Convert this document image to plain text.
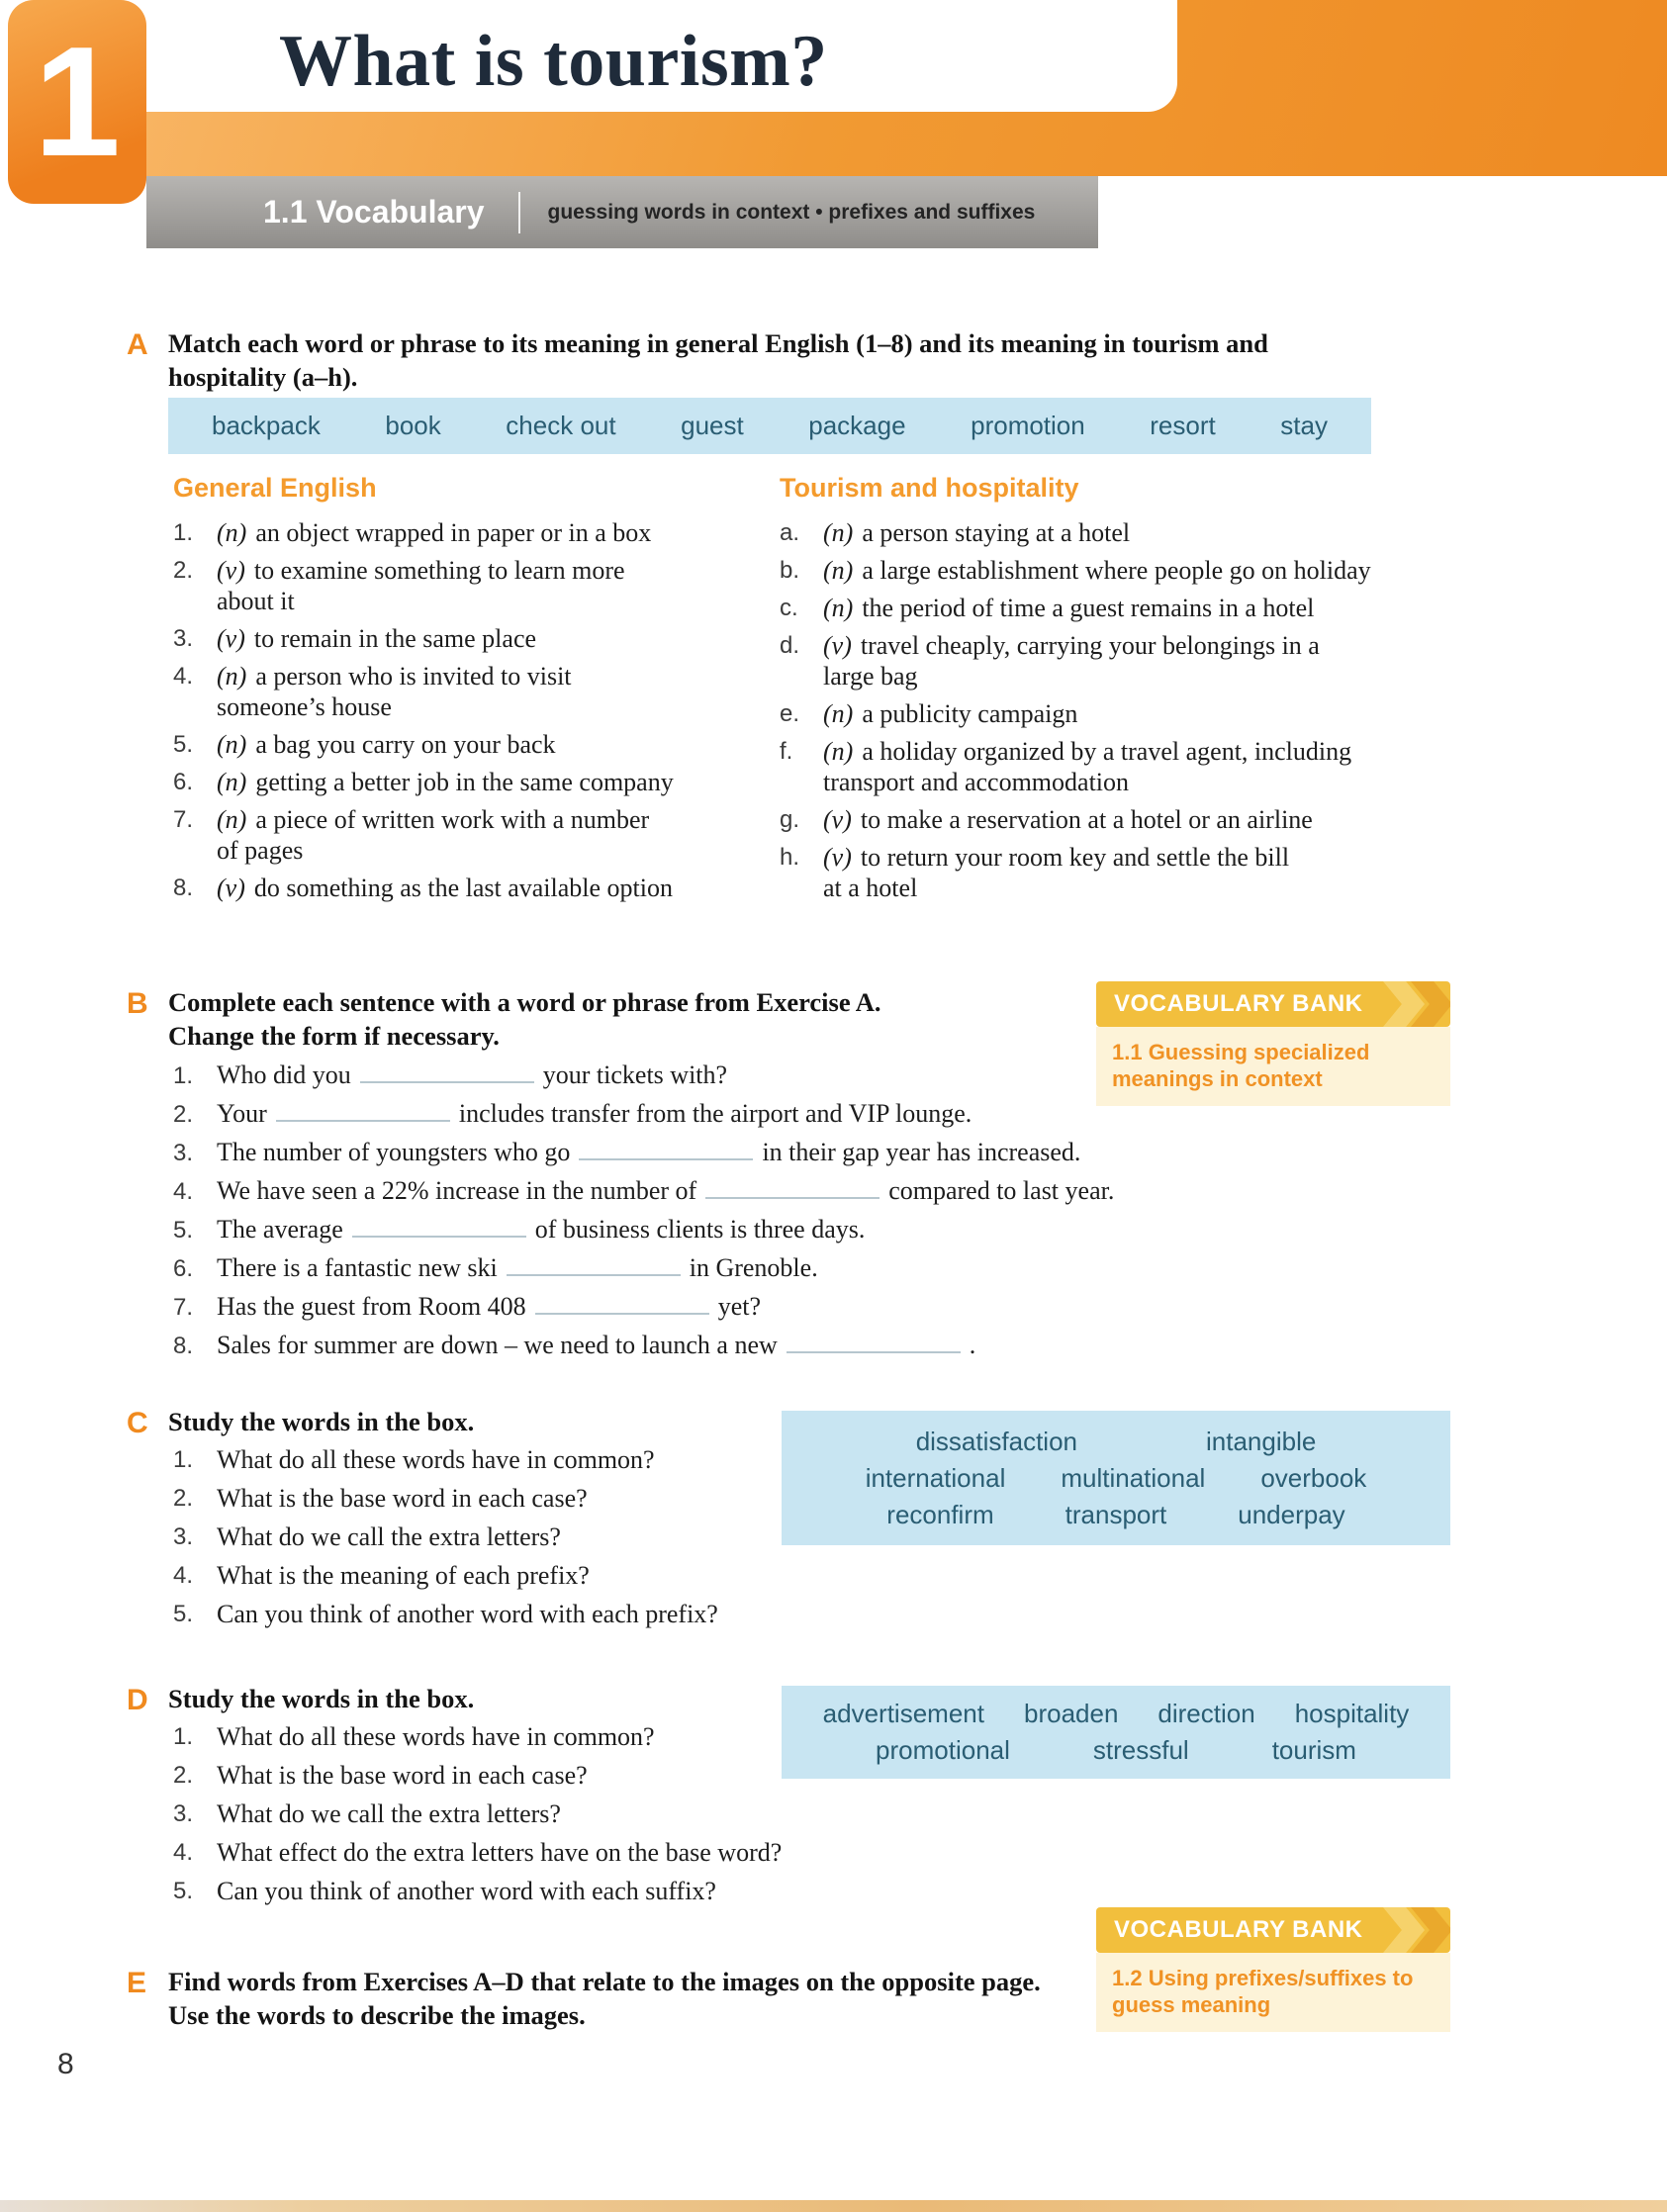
What is tourism?
1
1.1 Vocabulary	guessing words in context • prefixes and suffixes
A Match each word or phrase to its meaning in general English (1–8) and its meaning in tourism and
hospitality (a–h).
backpack	book	check out	guest	package	promotion	resort	stay
General English
1. (n) an object wrapped in paper or in a box
2. (v) to examine something to learn more
about it
3. (v) to remain in the same place
4. (n) a person who is invited to visit
someone’s house
5. (n) a bag you carry on your back
6. (n) getting a better job in the same company
7. (n) a piece of written work with a number
of pages
8. (v) do something as the last available option
Tourism and hospitality
a. (n) a person staying at a hotel
b. (n) a large establishment where people go on holiday
c. (n) the period of time a guest remains in a hotel
d. (v) travel cheaply, carrying your belongings in a
large bag
e. (n) a publicity campaign
f.	(n) a holiday organized by a travel agent, including
transport and accommodation
g. (v) to make a reservation at a hotel or an airline
h. (v) to return your room key and settle the bill
at a hotel
B Complete each sentence with a word or phrase from Exercise A.
Change the form if necessary.
1. Who did you	your tickets with?
2. Your	includes transfer from the airport and VIP lounge.
3. The number of youngsters who go	in their gap year has increased.
4. We have seen a 22% increase in the number of	compared to last year.
5. The average	of business clients is three days.
6. There is a fantastic new ski	in Grenoble.
7. Has the guest from Room 408	yet?
8. Sales for summer are down – we need to launch a new	.
VOCABULARY BANK
1.1 Guessing specialized
meanings in context
C Study the words in the box.
1. What do all these words have in common?
2. What is the base word in each case?
3. What do we call the extra letters?
4. What is the meaning of each prefix?
5. Can you think of another word with each prefix?
dissatisfaction	intangible
international multinational overbook
reconfirm	transport	underpay
D Study the words in the box.
1. What do all these words have in common?
2. What is the base word in each case?
3. What do we call the extra letters?
4. What effect do the extra letters have on the base word?
5. Can you think of another word with each suffix?
advertisement broaden direction hospitality
promotional	stressful	tourism
E Find words from Exercises A–D that relate to the images on the opposite page.
Use the words to describe the images.
VOCABULARY BANK
1.2 Using prefixes/suffixes to
guess meaning
8
